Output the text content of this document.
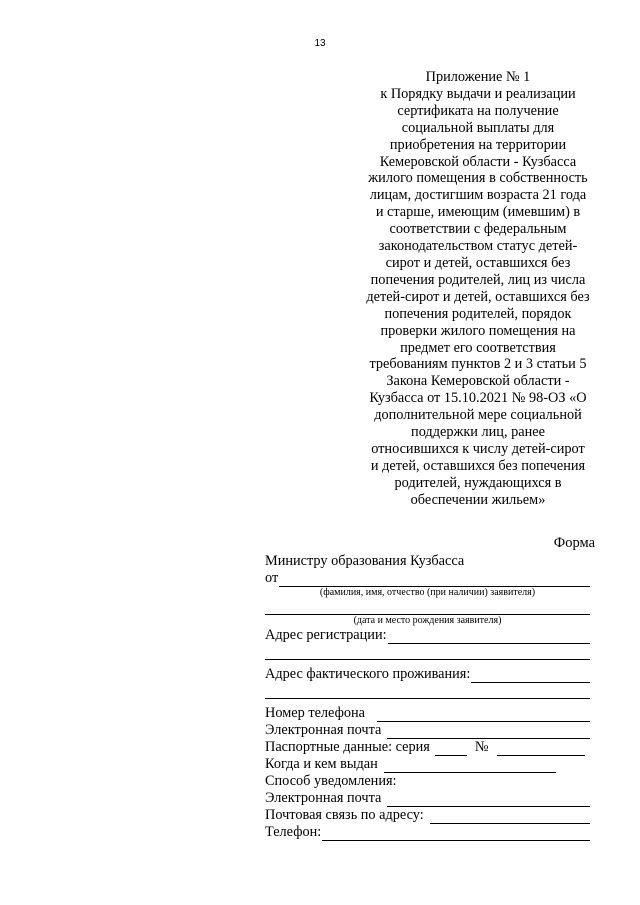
13
Приложение № 1
к Порядку выдачи и реализации
сертификата на получение
социальной выплаты для
приобретения на территории
Кемеровской области - Кузбасса
жилого помещения в собственность
лицам, достигшим возраста 21 года
и старше, имеющим (имевшим) в
соответствии с федеральным
законодательством статус детей-
сирот и детей, оставшихся без
попечения родителей, лиц из числа
детей-сирот и детей, оставшихся без
попечения родителей, порядок
проверки жилого помещения на
предмет его соответствия
требованиям пунктов 2 и 3 статьи 5
Закона Кемеровской области -
Кузбасса от 15.10.2021 № 98-ОЗ «О
дополнительной мере социальной
поддержки лиц, ранее
относившихся к числу детей-сирот
и детей, оставшихся без попечения
родителей, нуждающихся в
обеспечении жильем»
Форма
Министру образования Кузбасса
от
(фамилия, имя, отчество (при наличии) заявителя)
(дата и место рождения заявителя)
Адрес регистрации:
Адрес фактического проживания:
Номер телефона
Электронная почта
Паспортные данные: серия	№
Когда и кем выдан
Способ уведомления:
Электронная почта
Почтовая связь по адресу:
Телефон:
